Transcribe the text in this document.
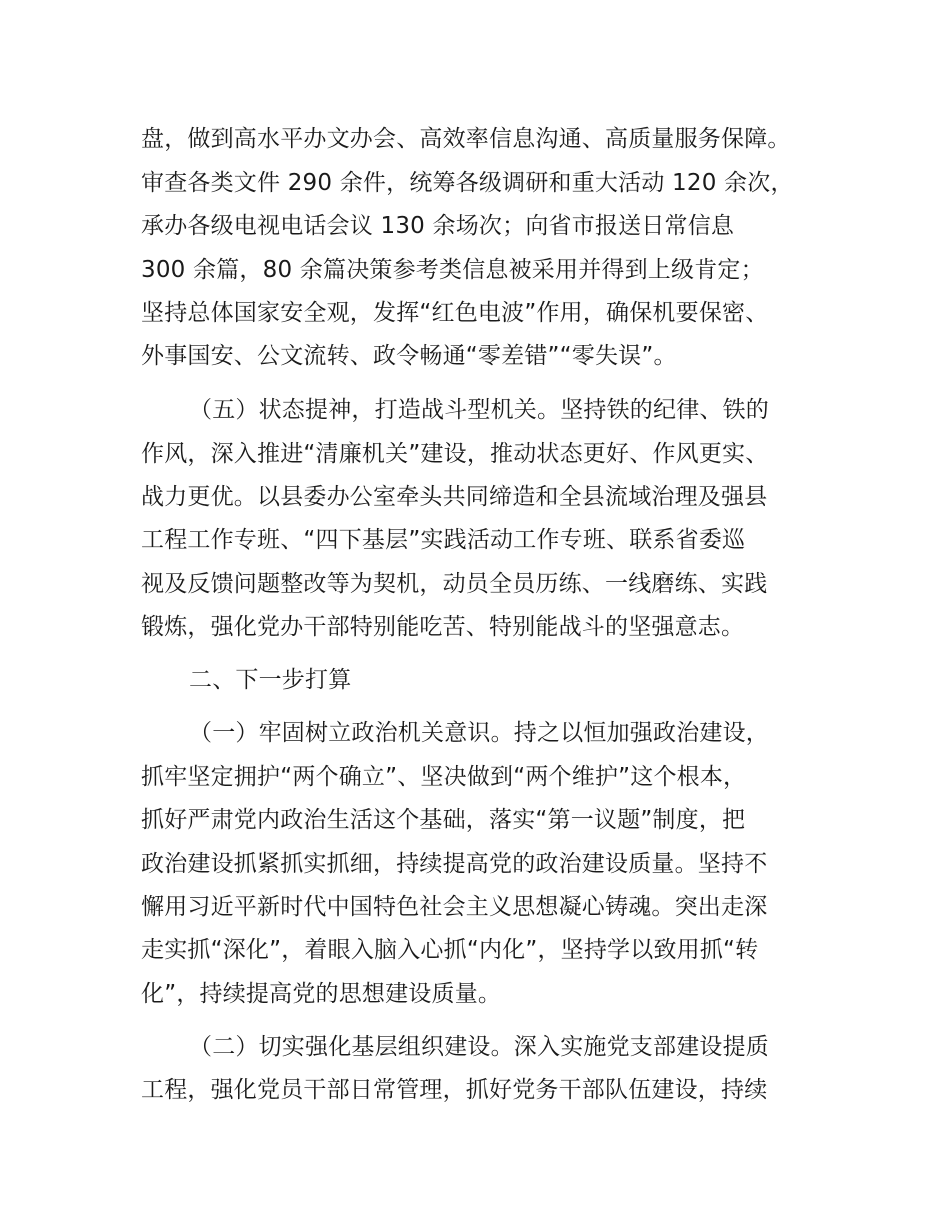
盘，做到高水平办文办会、高效率信息沟通、高质量服务保障。
审查各类文件 290 余件，统筹各级调研和重大活动 120 余次，
承办各级电视电话会议 130 余场次；向省市报送日常信息
300 余篇，80 余篇决策参考类信息被采用并得到上级肯定；
坚持总体国家安全观，发挥“红色电波”作用，确保机要保密、
外事国安、公文流转、政令畅通“零差错”“零失误”。
（五）状态提神，打造战斗型机关。坚持铁的纪律、铁的
作风，深入推进“清廉机关”建设，推动状态更好、作风更实、
战力更优。以县委办公室牵头共同缔造和全县流域治理及强县
工程工作专班、“四下基层”实践活动工作专班、联系省委巡
视及反馈问题整改等为契机，动员全员历练、一线磨练、实践
锻炼，强化党办干部特别能吃苦、特别能战斗的坚强意志。
二、下一步打算
（一）牢固树立政治机关意识。持之以恒加强政治建设，
抓牢坚定拥护“两个确立”、坚决做到“两个维护”这个根本，
抓好严肃党内政治生活这个基础，落实“第一议题”制度，把
政治建设抓紧抓实抓细，持续提高党的政治建设质量。坚持不
懈用习近平新时代中国特色社会主义思想凝心铸魂。突出走深
走实抓“深化”，着眼入脑入心抓“内化”，坚持学以致用抓“转
化”，持续提高党的思想建设质量。
（二）切实强化基层组织建设。深入实施党支部建设提质
工程，强化党员干部日常管理，抓好党务干部队伍建设，持续
